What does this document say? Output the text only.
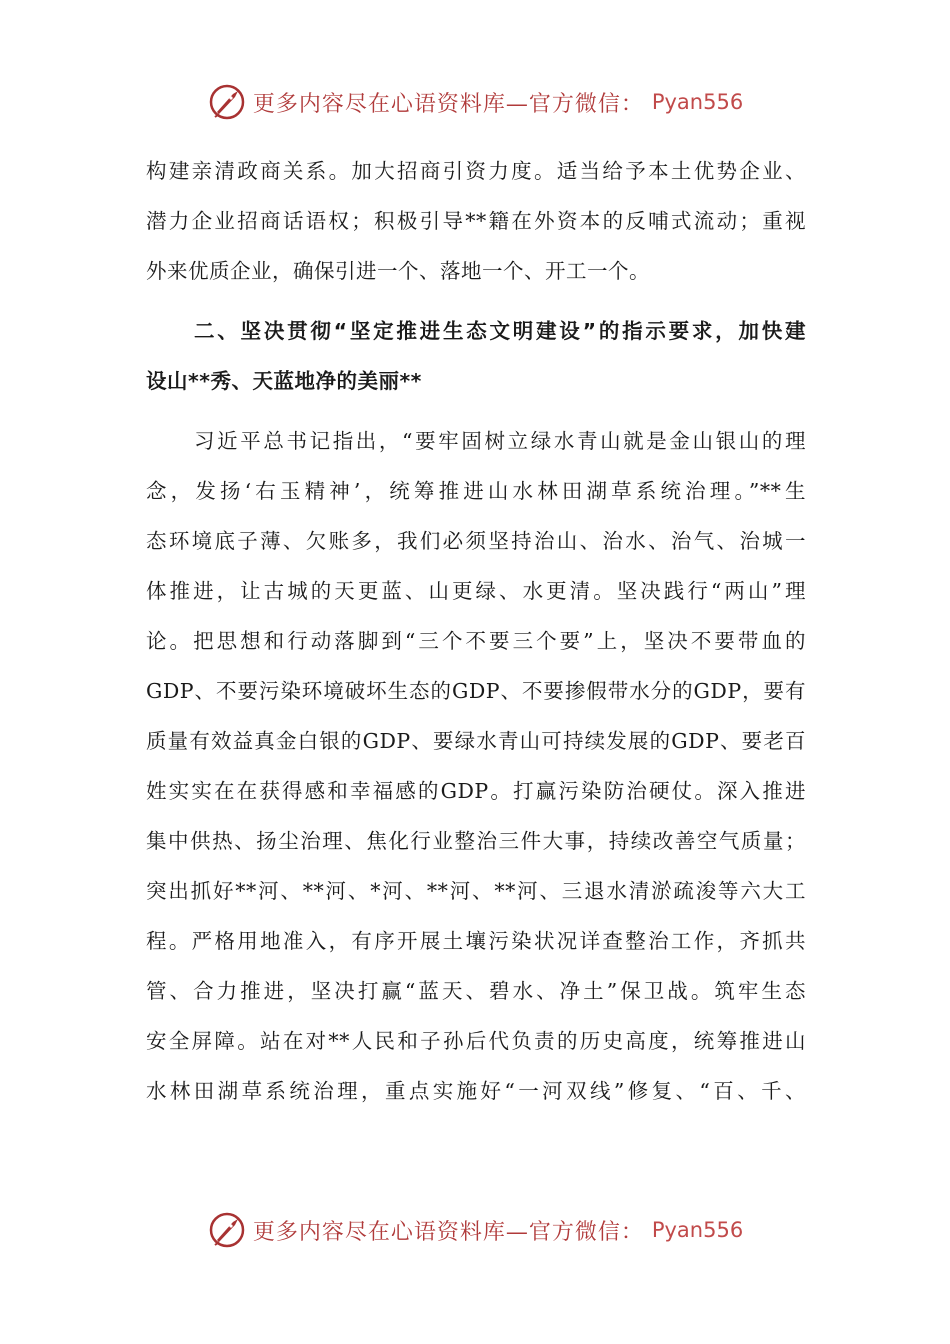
更多内容尽在心语资料库—官方微信： Pyan556
构建亲清政商关系。加大招商引资力度。适当给予本土优势企业、
潜力企业招商话语权；积极引导**籍在外资本的反哺式流动；重视
外来优质企业，确保引进一个、落地一个、开工一个。
二、坚决贯彻“坚定推进生态文明建设”的指示要求，加快建
设山**秀、天蓝地净的美丽**
习近平总书记指出，“要牢固树立绿水青山就是金山银山的理
念，发扬‘右玉精神’，统筹推进山水林田湖草系统治理。”**生
态环境底子薄、欠账多，我们必须坚持治山、治水、治气、治城一
体推进，让古城的天更蓝、山更绿、水更清。坚决践行“两山”理
论。把思想和行动落脚到“三个不要三个要”上，坚决不要带血的
GDP、不要污染环境破坏生态的GDP、不要掺假带水分的GDP，要有
质量有效益真金白银的GDP、要绿水青山可持续发展的GDP、要老百
姓实实在在获得感和幸福感的GDP。打赢污染防治硬仗。深入推进
集中供热、扬尘治理、焦化行业整治三件大事，持续改善空气质量；
突出抓好**河、**河、*河、**河、**河、三退水清淤疏浚等六大工
程。严格用地准入，有序开展土壤污染状况详查整治工作，齐抓共
管、合力推进，坚决打赢“蓝天、碧水、净土”保卫战。筑牢生态
安全屏障。站在对**人民和子孙后代负责的历史高度，统筹推进山
水林田湖草系统治理，重点实施好“一河双线”修复、“百、千、
更多内容尽在心语资料库—官方微信： Pyan556
